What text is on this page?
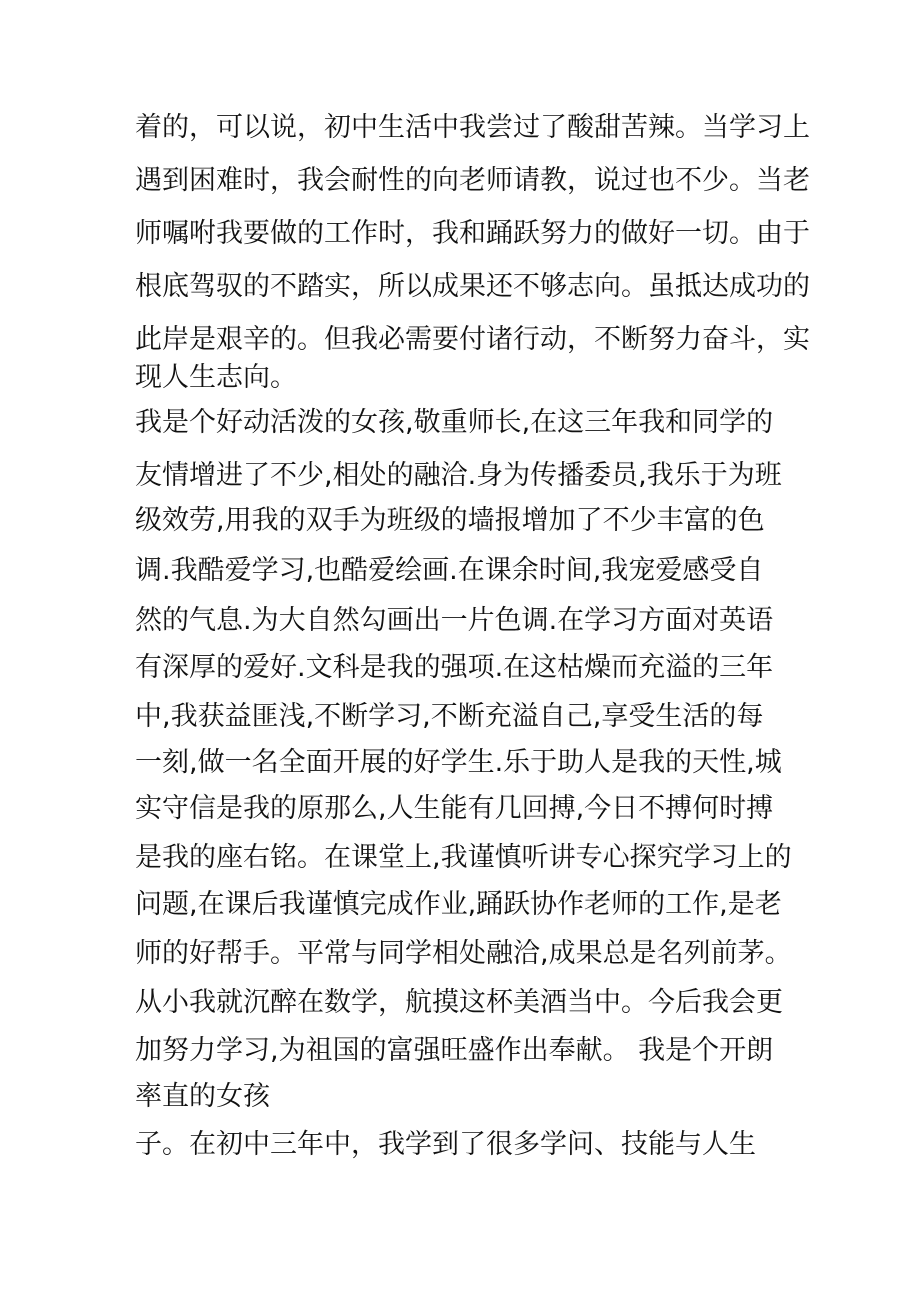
着的，可以说，初中生活中我尝过了酸甜苦辣。当学习上

遇到困难时，我会耐性的向老师请教，说过也不少。当老

师嘱咐我要做的工作时，我和踊跃努力的做好一切。由于

根底驾驭的不踏实，所以成果还不够志向。虽抵达成功的

此岸是艰辛的。但我必需要付诸行动，不断努力奋斗，实

现人生志向。

我是个好动活泼的女孩,敬重师长,在这三年我和同学的

友情增进了不少,相处的融洽.身为传播委员,我乐于为班

级效劳,用我的双手为班级的墙报增加了不少丰富的色

调.我酷爱学习,也酷爱绘画.在课余时间,我宠爱感受自

然的气息.为大自然勾画出一片色调.在学习方面对英语

有深厚的爱好.文科是我的强项.在这枯燥而充溢的三年

中,我获益匪浅,不断学习,不断充溢自己,享受生活的每

一刻,做一名全面开展的好学生.乐于助人是我的天性,城

实守信是我的原那么,人生能有几回搏,今日不搏何时搏

是我的座右铭。在课堂上,我谨慎听讲专心探究学习上的

问题,在课后我谨慎完成作业,踊跃协作老师的工作,是老

师的好帮手。平常与同学相处融洽,成果总是名列前茅。

从小我就沉醉在数学，航摸这杯美酒当中。今后我会更

加努力学习,为祖国的富强旺盛作出奉献。 我是个开朗

率直的女孩

子。在初中三年中，我学到了很多学问、技能与人生
